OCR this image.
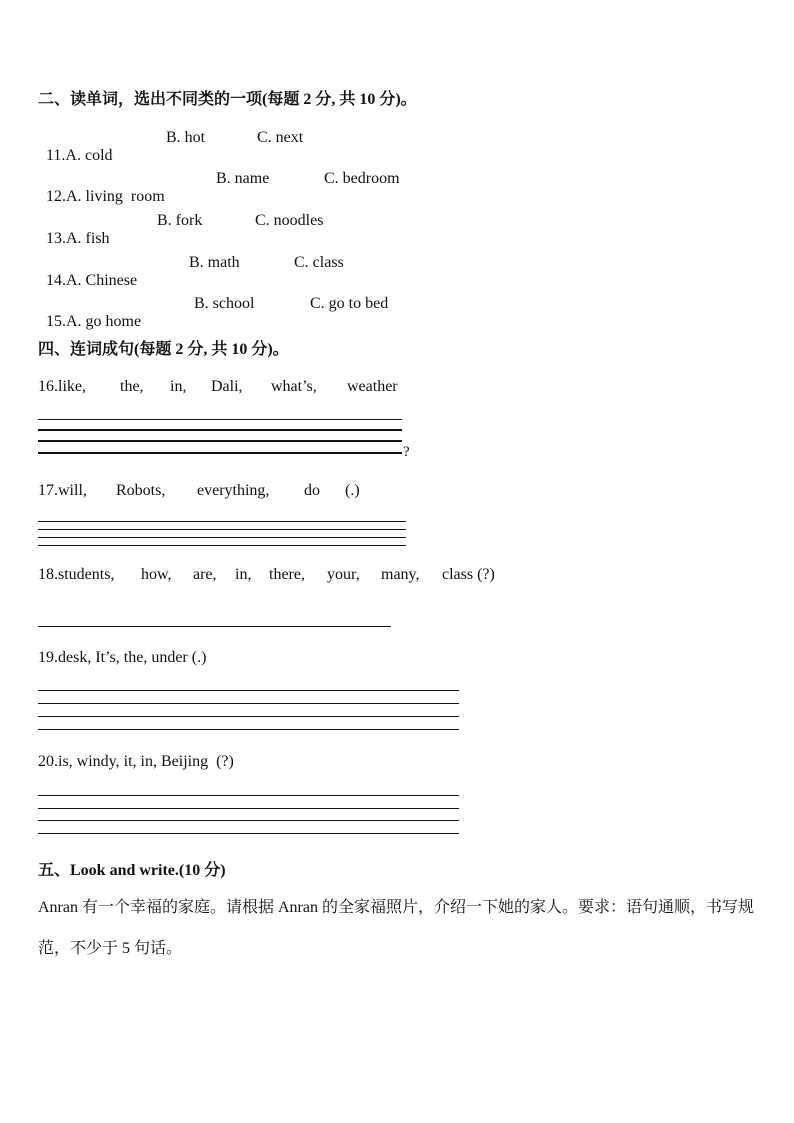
二、读单词，选出不同类的一项(每题 2 分, 共 10 分)。

11.A. cold

B. hot	C. next

12.A. living  room

B. name	C. bedroom

13.A. fish

B. fork	C. noodles

14.A. Chinese

B. math	C. class

15.A. go home

B. school	C. go to bed
四、连词成句(每题 2 分, 共 10 分)。
16.like, the, in, Dali, what’s, weather
?
17.will, Robots, everything, do (.)
18.students, how, are, in, there, your, many, class (?)
19.desk, It’s, the, under (.)
20.is, windy, it, in, Beijing  (?)
五、Look and write.(10 分)
Anran 有一个幸福的家庭。请根据 Anran 的全家福照片，介绍一下她的家人。要求：语句通顺，书写规范，不少于 5 句话。
